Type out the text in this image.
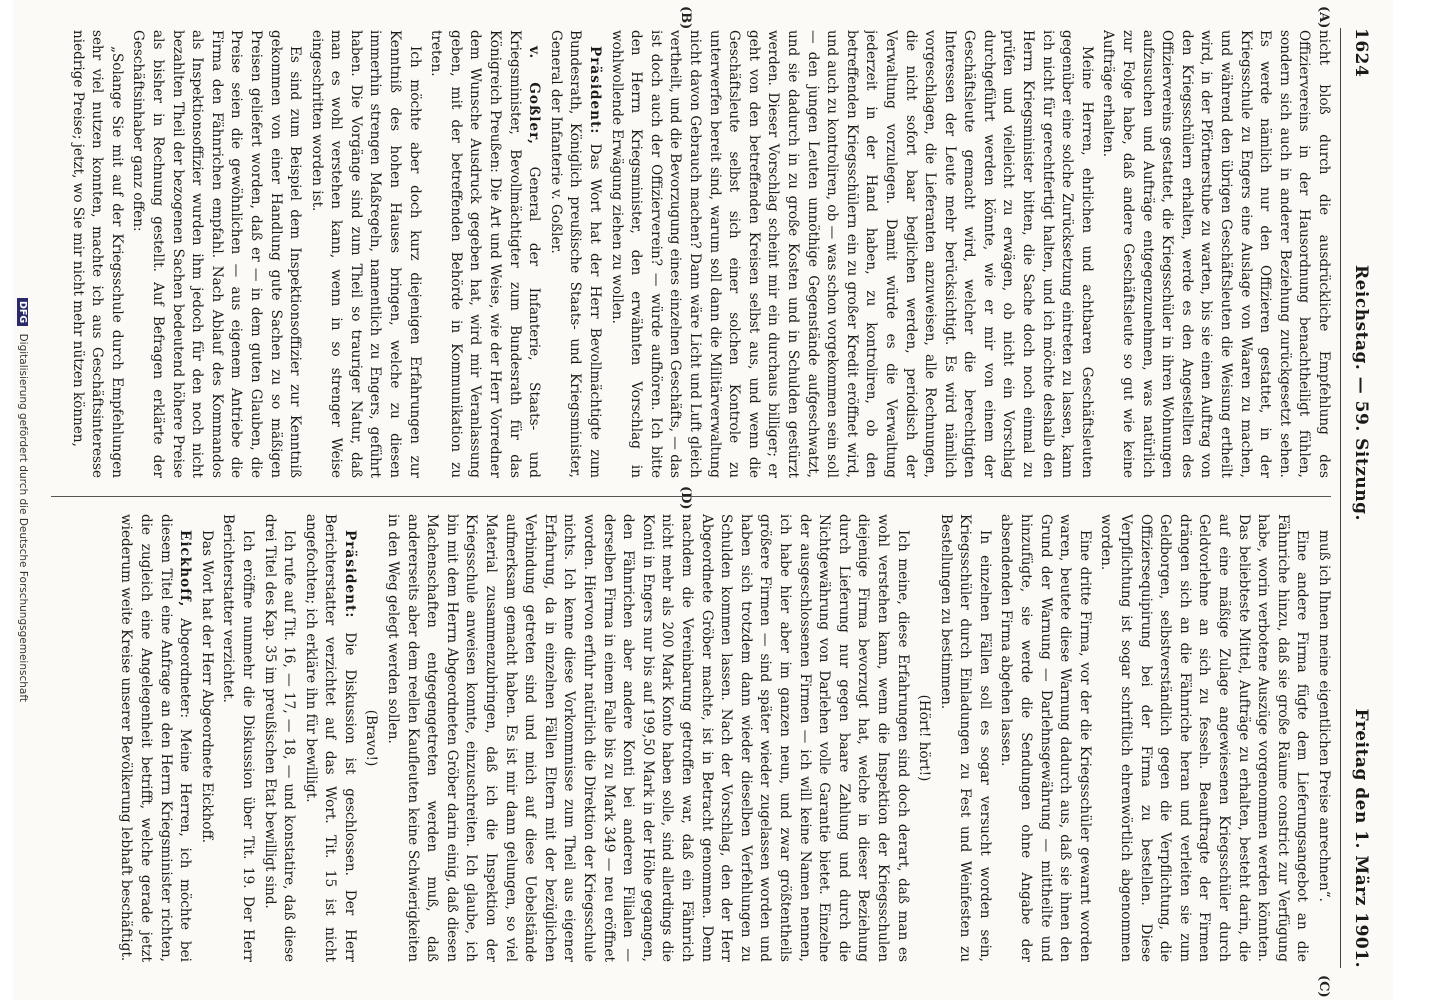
1624
Reichstag. — 59. Sitzung.
Freitag den 1. März 1901.
(A)
(B)
(C)
(D)

nicht bloß durch die ausdrückliche Empfehlung des Offiziervereins in der Hausordnung benachtheiligt fühlen, sondern sich auch in anderer Beziehung zurückgesetzt sehen. Es werde nämlich nur den Offizieren gestattet, in der Kriegsschule zu Engers eine Auslage von Waaren zu machen, und während den übrigen Geschäftsleuten die Weisung ertheilt wird, in der Pförtnerstube zu warten, bis sie einen Auftrag von den Kriegsschülern erhalten, werde es den Angestellten des Offiziervereins gestattet, die Kriegsschüler in ihren Wohnungen aufzusuchen und Aufträge entgegenzunehmen, was natürlich zur Folge habe, daß andere Geschäftsleute so gut wie keine Aufträge erhalten.

Meine Herren, ehrlichen und achtbaren Geschäftsleuten gegenüber eine solche Zurücksetzung eintreten zu lassen, kann ich nicht für gerechtfertigt halten, und ich möchte deshalb den Herrn Kriegsminister bitten, die Sache doch noch einmal zu prüfen und vielleicht zu erwägen, ob nicht ein Vorschlag durchgeführt werden könnte, wie er mir von einem der Geschäftsleute gemacht wird, welcher die berechtigten Interessen der Leute mehr berücksichtigt. Es wird nämlich vorgeschlagen, die Lieferanten anzuweisen, alle Rechnungen, die nicht sofort baar beglichen werden, periodisch der Verwaltung vorzulegen. Damit würde es die Verwaltung jederzeit in der Hand haben, zu kontroliren, ob den betreffenden Kriegsschülern ein zu großer Kredit eröffnet wird, und auch zu kontroliren, ob — was schon vorgekommen sein soll — den jungen Leuten unnöthige Gegenstände aufgeschwatzt, und sie dadurch in zu große Kosten und in Schulden gestürzt werden. Dieser Vorschlag scheint mir ein durchaus billiger; er geht von den betreffenden Kreisen selbst aus, und wenn die Geschäftsleute selbst sich einer solchen Kontrole zu unterwerfen bereit sind, warum soll dann die Militärverwaltung nicht davon Gebrauch machen? Dann wäre Licht und Luft gleich vertheilt, und die Bevorzugung eines einzelnen Geschäfts, — das ist doch auch der Offizierverein? — würde aufhören. Ich bitte den Herrn Kriegsminister, den erwähnten Vorschlag in wohlwollende Erwägung ziehen zu wollen.

Präsident: Das Wort hat der Herr Bevollmächtigte zum Bundesrath, Königlich preußische Staats- und Kriegsminister, General der Infanterie v. Goßler.

v. Goßler, General der Infanterie, Staats- und Kriegsminister, Bevollmächtigter zum Bundesrath für das Königreich Preußen: Die Art und Weise, wie der Herr Vorredner dem Wunsche Ausdruck gegeben hat, wird mir Veranlassung geben, mit der betreffenden Behörde in Kommunikation zu treten.

Ich möchte aber doch kurz diejenigen Erfahrungen zur Kenntniß des hohen Hauses bringen, welche zu diesen immerhin strengen Maßregeln, namentlich zu Engers, geführt haben. Die Vorgänge sind zum Theil so trauriger Natur, daß man es wohl verstehen kann, wenn in so strenger Weise eingeschritten worden ist.

Es sind zum Beispiel dem Inspektionsoffizier zur Kenntniß gekommen von einer Handlung gute Sachen zu so mäßigen Preisen geliefert worden, daß er — in dem guten Glauben, die Preise seien die gewöhnlichen — aus eigenem Antriebe die Firma den Fähnrichen empfahl. Nach Ablauf des Kommandos als Inspektionsoffizier wurden ihm jedoch für den noch nicht bezahlten Theil der bezogenen Sachen bedeutend höhere Preise als bisher in Rechnung gestellt. Auf Befragen erklärte der Geschäftsinhaber ganz offen:

„Solange Sie mit auf der Kriegsschule durch Empfehlungen sehr viel nutzen konnten, machte ich aus Geschäftsinteresse niedrige Preise; jetzt, wo Sie mir nicht mehr nützen können,

muß ich Ihnen meine eigentlichen Preise anrechnen“.

Eine andere Firma fügte dem Lieferungsangebot an die Fähnriche hinzu, daß sie große Räume constrict zur Verfügung habe, worin verbotene Auszüge vorgenommen werden könnten. Das beliebteste Mittel, Aufträge zu erhalten, besteht darin, die auf eine mäßige Zulage angewiesenen Kriegsschüler durch Geldvorlehne an sich zu fesseln. Beauftragte der Firmen drängen sich an die Fähnriche heran und verleiten sie zum Geldborgen, selbstverständlich gegen die Verpflichtung, die Offiziersequipirung bei der Firma zu bestellen. Diese Verpflichtung ist sogar schriftlich ehrenwörtlich abgenommen worden.

Eine dritte Firma, vor der die Kriegsschüler gewarnt worden waren, beutete diese Warnung dadurch aus, daß sie ihnen den Grund der Warnung — Darlehnsgewährung — mittheilte und hinzufügte, sie werde die Sendungen ohne Angabe der absendenden Firma abgehen lassen.

In einzelnen Fällen soll es sogar versucht worden sein, Kriegsschüler durch Einladungen zu Fest und Weinfesten zu Bestellungen zu bestimmen.

(Hört! hört!)

Ich meine, diese Erfahrungen sind doch derart, daß man es wohl verstehen kann, wenn die Inspektion der Kriegsschulen diejenige Firma bevorzugt hat, welche in dieser Beziehung durch Lieferung nur gegen baare Zahlung und durch die Nichtgewährung von Darlehen volle Garantie bietet. Einzelne der ausgeschlossenen Firmen — ich will keine Namen nennen, ich habe hier aber im ganzen neun, und zwar größtentheils größere Firmen — sind später wieder zugelassen worden und haben sich trotzdem dann wieder dieselben Verfehlungen zu Schulden kommen lassen. Nach der Vorschlag, den der Herr Abgeordnete Gröber machte, ist in Betracht genommen. Denn nachdem die Vereinbarung getroffen war, daß ein Fähnrich nicht mehr als 200 Mark Konto haben solle, sind allerdings die Konti in Engers nur bis auf 199,50 Mark in der Höhe gegangen, den Fähnrichen aber andere Konti bei anderen Filialen — derselben Firma in einem Falle bis zu Mark 349 — neu eröffnet worden. Hiervon erfuhr natürlich die Direktion der Kriegsschule nichts. Ich kenne diese Vorkommnisse zum Theil aus eigener Erfahrung, da in einzelnen Fällen Eltern mit der bezüglichen Verbindung getreten sind und mich auf diese Uebelstände aufmerksam gemacht haben. Es ist mir dann gelungen, so viel Material zusammenzubringen, daß ich die Inspektion der Kriegsschule anweisen konnte, einzuschreiten. Ich glaube, ich bin mit dem Herrn Abgeordneten Gröber darin einig, daß diesen Machenschaften entgegengetreten werden muß, daß andererseits aber dem reellen Kaufleuten keine Schwierigkeiten in den Weg gelegt werden sollen.

(Bravo!)

Präsident: Die Diskussion ist geschlossen. Der Herr Berichterstatter verzichtet auf das Wort. Tit. 15 ist nicht angefochten; ich erkläre ihn für bewilligt.

Ich rufe auf Tit. 16, — 17, — 18, — und konstatire, daß diese drei Titel des Kap. 35 im preußischen Etat bewilligt sind.

Ich eröffne nunmehr die Diskussion über Tit. 19. Der Herr Berichterstatter verzichtet.

Das Wort hat der Herr Abgeordnete Eickhoff.

Eickhoff, Abgeordneter: Meine Herren, ich möchte bei diesem Titel eine Anfrage an den Herrn Kriegsminister richten, die zugleich eine Angelegenheit betrifft, welche gerade jetzt wiederum weite Kreise unserer Bevölkerung lebhaft beschäftigt.

DFG Digitalisierung gefördert durch die Deutsche Forschungsgemeinschaft
